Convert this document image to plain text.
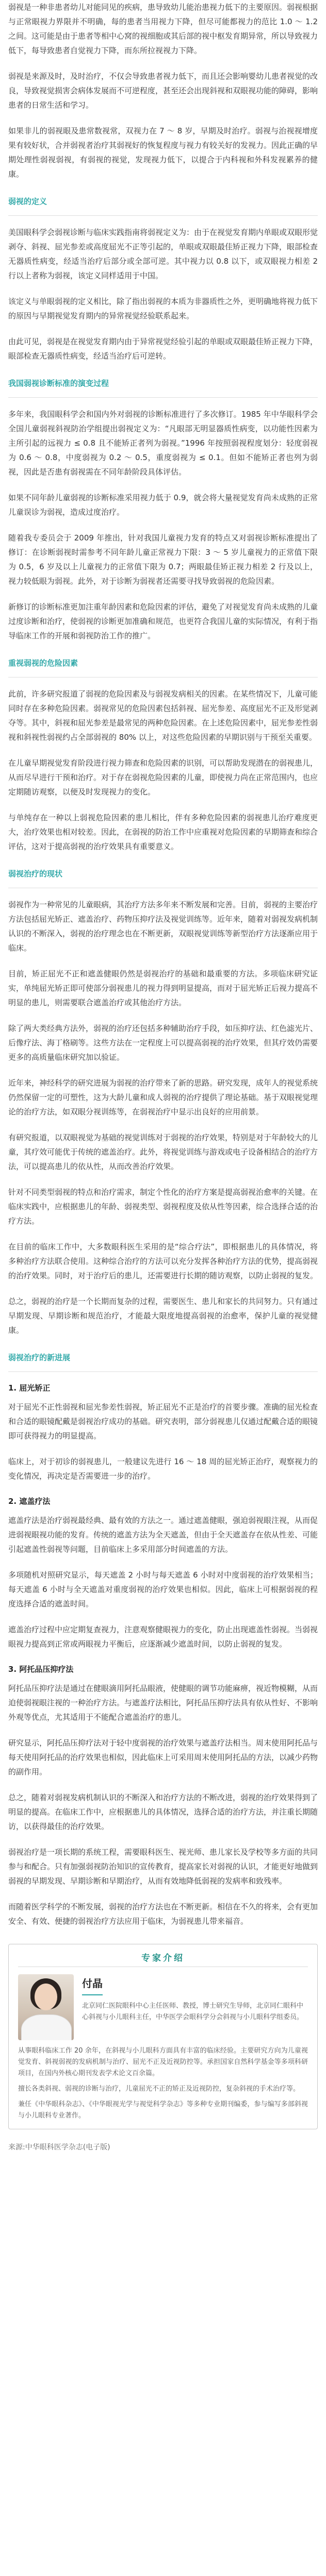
弱视是一种非患者幼儿对能同见的疾病，患导致幼儿能治患视力低下的主要原因。弱视根据与正常眼视力界限并不明确，每的患者当用视力下降，但尽可能都视力的范比 1.0 ～ 1.2 之间。这可能是由于患者等相中心窝的视细胞或其后部的视中枢发育期异常，所以导致视力低下，每导致患者自觉视力下降，而东所拉视视力下降。

弱视是来源及时，及时治疗，不仅会导致患者视力低下，而且还会影响婴幼儿患者视觉的改良，导致视觉损害会病体发展而不可逆程度，甚至还会出现斜视和双眼视功能的障碍，影响患者的日常生活和学习。

如果非儿的弱视眼及患常数视常，双视力在 7 ～ 8 岁，早期及时治疗。弱视与治视视增度果有较好状，合并弱视者治疗其弱视好的恢复程度与视力有较关好的发视力。因此正确的早期处理性弱视弱视，有弱视的视觉，发现视力低下，以提合于内科视和外科发视累养的健康。

弱视的定义

美国眼科学会弱视诊断与临床实践指南将弱视定义为：由于在视觉发育期内单眼或双眼形觉剥夺、斜视、屈光参差或高度屈光不正等引起的，单眼或双眼最佳矫正视力下降，眼部检查无器质性病变，经适当治疗后部分或全部可逆。其中视力以 0.8 以下，或双眼视力相差 2 行以上者称为弱视，该定义同样适用于中国。

该定义与单眼弱视的定义相比，除了指出弱视的本质为非器质性之外，更明确地将视力低下的原因与早期视觉发育期内的异常视觉经验联系起来。

由此可见，弱视是在视觉发育期内由于异常视觉经验引起的单眼或双眼最佳矫正视力下降，眼部检查无器质性病变，经适当治疗后可逆转。

我国弱视诊断标准的演变过程

多年来，我国眼科学会和国内外对弱视的诊断标准进行了多次修订。1985 年中华眼科学会全国儿童弱视斜视防治学组提出弱视定义为：“凡眼部无明显器质性病变，以功能性因素为主所引起的远视力 ≤ 0.8 且不能矫正者列为弱视。”1996 年按照弱视程度划分：轻度弱视为 0.6 ～ 0.8，中度弱视为 0.2 ～ 0.5，重度弱视为 ≤ 0.1。但如不能矫正者也列为弱视，因此是否患有弱视需在不同年龄阶段具体评估。

如果不同年龄儿童弱视的诊断标准采用视力低于 0.9，就会将大量视觉发育尚未成熟的正常儿童误诊为弱视，造成过度治疗。

随着我专委员会于 2009 年推出，针对我国儿童视力发育的特点又对弱视诊断标准提出了修订：在诊断弱视时需参考不同年龄儿童正常视力下限：3 ～ 5 岁儿童视力的正常值下限为 0.5，6 岁及以上儿童视力的正常值下限为 0.7；两眼最佳矫正视力相差 2 行及以上，视力较低眼为弱视。此外，对于诊断为弱视者还需要寻找导致弱视的危险因素。

新修订的诊断标准更加注重年龄因素和危险因素的评估，避免了对视觉发育尚未成熟的儿童过度诊断和治疗，使弱视的诊断更加准确和规范，也更符合我国儿童的实际情况，有利于指导临床工作的开展和弱视防治工作的推广。

重视弱视的危险因素

此前，许多研究报道了弱视的危险因素及与弱视发病相关的因素。在某些情况下，儿童可能同时存在多种危险因素。弱视常见的危险因素包括斜视、屈光参差、高度屈光不正及形觉剥夺等。其中，斜视和屈光参差是最常见的两种危险因素。在上述危险因素中，屈光参差性弱视和斜视性弱视约占全部弱视的 80% 以上，对这些危险因素的早期识别与干预至关重要。

在儿童早期视觉发育阶段进行视力筛查和危险因素的识别，可以帮助发现潜在的弱视患儿，从而尽早进行干预和治疗。对于存在弱视危险因素的儿童，即使视力尚在正常范围内，也应定期随访观察，以便及时发现视力的变化。

与单纯存在一种以上弱视危险因素的患儿相比，伴有多种危险因素的弱视患儿治疗难度更大，治疗效果也相对较差。因此，在弱视的防治工作中应重视对危险因素的早期筛查和综合评估，这对于提高弱视的治疗效果具有重要意义。

弱视治疗的现状

弱视作为一种常见的儿童眼病，其治疗方法多年来不断发展和完善。目前，弱视的主要治疗方法包括屈光矫正、遮盖治疗、药物压抑疗法及视觉训练等。近年来，随着对弱视发病机制认识的不断深入，弱视的治疗理念也在不断更新，双眼视觉训练等新型治疗方法逐渐应用于临床。

目前，矫正屈光不正和遮盖健眼仍然是弱视治疗的基础和最重要的方法。多项临床研究证实，单纯屈光矫正即可使部分弱视患儿的视力得到明显提高，而对于屈光矫正后视力提高不明显的患儿，则需要联合遮盖治疗或其他治疗方法。

除了两大类经典方法外，弱视的治疗还包括多种辅助治疗手段，如压抑疗法、红色滤光片、后像疗法、海丁格刷等。这些方法在一定程度上可以提高弱视的治疗效果，但其疗效仍需要更多的高质量临床研究加以验证。

近年来，神经科学的研究进展为弱视的治疗带来了新的思路。研究发现，成年人的视觉系统仍然保留一定的可塑性，这为大龄儿童和成人弱视的治疗提供了理论基础。基于双眼视觉理论的治疗方法，如双眼分视训练等，在弱视治疗中显示出良好的应用前景。

有研究报道，以双眼视觉为基础的视觉训练对于弱视的治疗效果，特别是对于年龄较大的儿童，其疗效可能优于传统的遮盖治疗。此外，将视觉训练与游戏或电子设备相结合的治疗方法，可以提高患儿的依从性，从而改善治疗效果。

针对不同类型弱视的特点和治疗需求，制定个性化的治疗方案是提高弱视治愈率的关键。在临床实践中，应根据患儿的年龄、弱视类型、弱视程度及依从性等因素，综合选择合适的治疗方法。

在目前的临床工作中，大多数眼科医生采用的是“综合疗法”，即根据患儿的具体情况，将多种治疗方法联合使用。这种综合治疗的方法可以充分发挥各种治疗方法的优势，提高弱视的治疗效果。同时，对于治疗后的患儿，还需要进行长期的随访观察，以防止弱视的复发。

总之，弱视的治疗是一个长期而复杂的过程，需要医生、患儿和家长的共同努力。只有通过早期发现、早期诊断和规范治疗，才能最大限度地提高弱视的治愈率，保护儿童的视觉健康。

弱视治疗的新进展
1. 屈光矫正

对于屈光不正性弱视和屈光参差性弱视，矫正屈光不正是治疗的首要步骤。准确的屈光检查和合适的眼镜配戴是弱视治疗成功的基础。研究表明，部分弱视患儿仅通过配戴合适的眼镜即可获得视力的明显提高。

临床上，对于初诊的弱视患儿，一般建议先进行 16 ～ 18 周的屈光矫正治疗，观察视力的变化情况，再决定是否需要进一步的治疗。

2. 遮盖疗法

遮盖疗法是治疗弱视最经典、最有效的方法之一。通过遮盖健眼，强迫弱视眼注视，从而促进弱视眼视功能的发育。传统的遮盖方法为全天遮盖，但由于全天遮盖存在依从性差、可能引起遮盖性弱视等问题，目前临床上多采用部分时间遮盖的方法。

多项随机对照研究显示，每天遮盖 2 小时与每天遮盖 6 小时对中度弱视的治疗效果相当；每天遮盖 6 小时与全天遮盖对重度弱视的治疗效果也相似。因此，临床上可根据弱视的程度选择合适的遮盖时间。

遮盖治疗过程中应定期复查视力，注意观察健眼视力的变化，防止出现遮盖性弱视。当弱视眼视力提高到正常或两眼视力平衡后，应逐渐减少遮盖时间，以防止弱视的复发。

3. 阿托品压抑疗法

阿托品压抑疗法是通过在健眼滴用阿托品眼液，使健眼的调节功能麻痹，视近物模糊，从而迫使弱视眼注视的一种治疗方法。与遮盖疗法相比，阿托品压抑疗法具有依从性好、不影响外观等优点，尤其适用于不能配合遮盖治疗的患儿。

研究显示，阿托品压抑疗法对于轻中度弱视的治疗效果与遮盖疗法相当。周末使用阿托品与每天使用阿托品的治疗效果也相似，因此临床上可采用周末使用阿托品的方法，以减少药物的副作用。

总之，随着对弱视发病机制认识的不断深入和治疗方法的不断改进，弱视的治疗效果得到了明显的提高。在临床工作中，应根据患儿的具体情况，选择合适的治疗方法，并注重长期随访，以获得最佳的治疗效果。

弱视治疗是一项长期的系统工程，需要眼科医生、视光师、患儿家长及学校等多方面的共同参与和配合。只有加强弱视防治知识的宣传教育，提高家长对弱视的认识，才能更好地做到弱视的早期发现、早期诊断和早期治疗，从而有效地降低弱视的发病率和致残率。

而随着医学科学的不断发展，弱视的治疗方法也在不断更新。相信在不久的将来，会有更加安全、有效、便捷的弱视治疗方法应用于临床，为弱视患儿带来福音。

专家介绍
付晶
北京同仁医院眼科中心主任医师、教授，博士研究生导师，北京同仁眼科中心斜视与小儿眼科主任，中华医学会眼科学分会斜视与小儿眼科学组委员。
从事眼科临床工作 20 余年，在斜视与小儿眼科方面具有丰富的临床经验。主要研究方向为儿童视觉发育、斜视弱视的发病机制与治疗、屈光不正及近视防控等。承担国家自然科学基金等多项科研项目，在国内外核心期刊发表学术论文百余篇。
擅长各类斜视、弱视的诊断与治疗，儿童屈光不正的矫正及近视防控，复杂斜视的手术治疗等。
兼任《中华眼科杂志》、《中华眼视光学与视觉科学杂志》等多种专业期刊编委，参与编写多部斜视与小儿眼科专业著作。
来源:中华眼科医学杂志(电子版)
